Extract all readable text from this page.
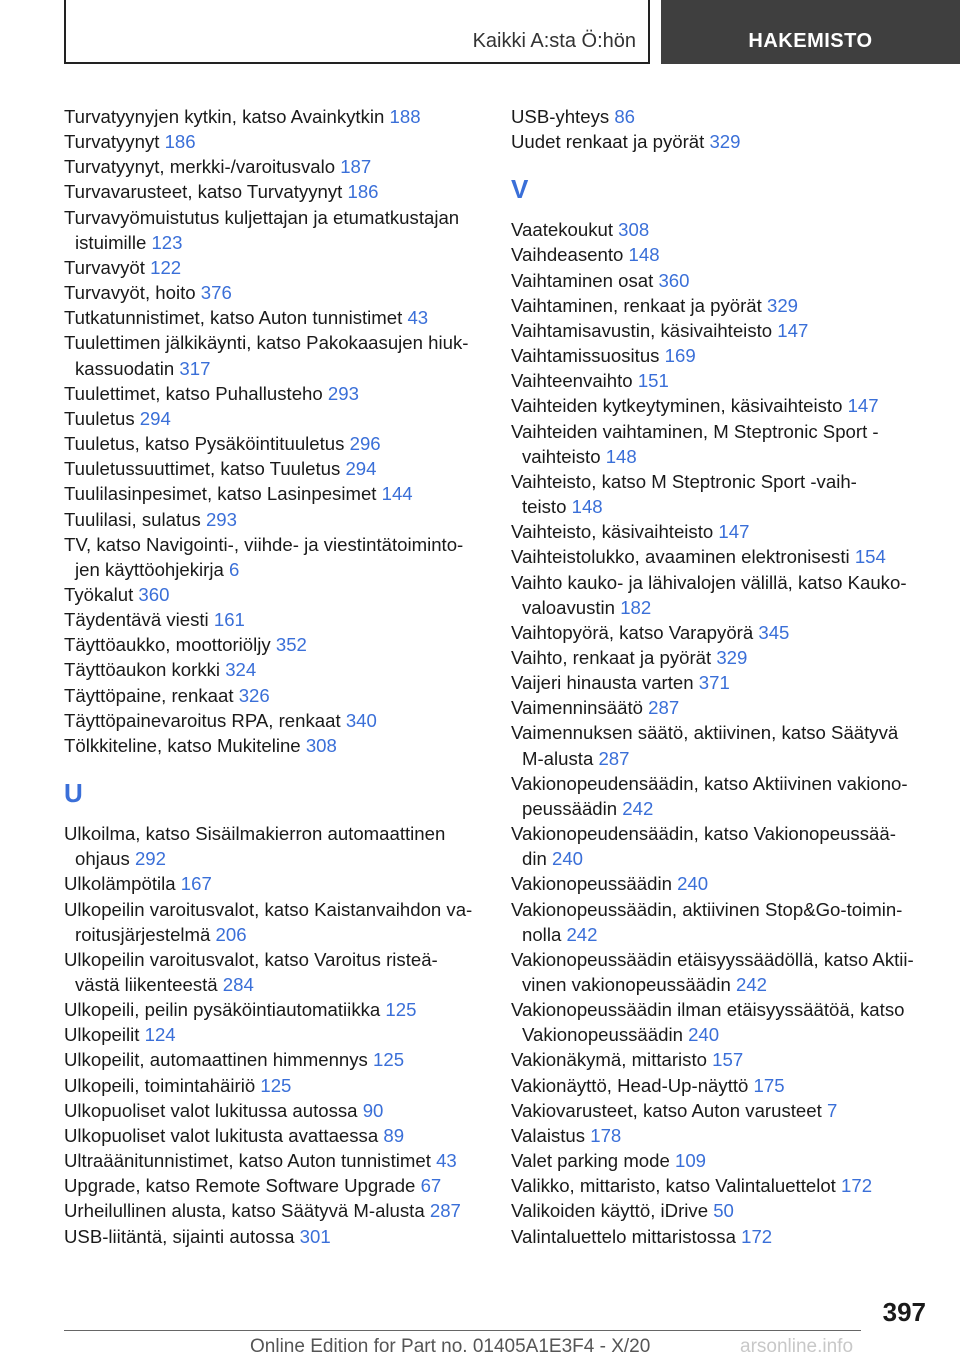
Kaikki A:sta Ö:hön	HAKEMISTO
Turvatyynyjen kytkin, katso Avainkytkin 188
Turvatyynyt 186
Turvatyynyt, merkki-/varoitusvalo 187
Turvavarusteet, katso Turvatyynyt 186
Turvavyömuistutus kuljettajan ja etumatkustajan
istuimille 123
Turvavyöt 122
Turvavyöt, hoito 376
Tutkatunnistimet, katso Auton tunnistimet 43
Tuulettimen jälkikäynti, katso Pakokaasujen hiuk-
kassuodatin 317
Tuulettimet, katso Puhallusteho 293
Tuuletus 294
Tuuletus, katso Pysäköintituuletus 296
Tuuletussuuttimet, katso Tuuletus 294
Tuulilasinpesimet, katso Lasinpesimet 144
Tuulilasi, sulatus 293
TV, katso Navigointi-, viihde- ja viestintätoiminto-
jen käyttöohjekirja 6
Työkalut 360
Täydentävä viesti 161
Täyttöaukko, moottoriöljy 352
Täyttöaukon korkki 324
Täyttöpaine, renkaat 326
Täyttöpainevaroitus RPA, renkaat 340
Tölkkiteline, katso Mukiteline 308
U
Ulkoilma, katso Sisäilmakierron automaattinen
ohjaus 292
Ulkolämpötila 167
Ulkopeilin varoitusvalot, katso Kaistanvaihdon va-
roitusjärjestelmä 206
Ulkopeilin varoitusvalot, katso Varoitus risteä-
västä liikenteestä 284
Ulkopeili, peilin pysäköintiautomatiikka 125
Ulkopeilit 124
Ulkopeilit, automaattinen himmennys 125
Ulkopeili, toimintahäiriö 125
Ulkopuoliset valot lukitussa autossa 90
Ulkopuoliset valot lukitusta avattaessa 89
Ultraäänitunnistimet, katso Auton tunnistimet 43
Upgrade, katso Remote Software Upgrade 67
Urheilullinen alusta, katso Säätyvä M-alusta 287
USB-liitäntä, sijainti autossa 301
USB-yhteys 86
Uudet renkaat ja pyörät 329
V
Vaatekoukut 308
Vaihdeasento 148
Vaihtaminen osat 360
Vaihtaminen, renkaat ja pyörät 329
Vaihtamisavustin, käsivaihteisto 147
Vaihtamissuositus 169
Vaihteenvaihto 151
Vaihteiden kytkeytyminen, käsivaihteisto 147
Vaihteiden vaihtaminen, M Steptronic Sport -
vaihteisto 148
Vaihteisto, katso M Steptronic Sport -vaih-
teisto 148
Vaihteisto, käsivaihteisto 147
Vaihteistolukko, avaaminen elektronisesti 154
Vaihto kauko- ja lähivalojen välillä, katso Kauko-
valoavustin 182
Vaihtopyörä, katso Varapyörä 345
Vaihto, renkaat ja pyörät 329
Vaijeri hinausta varten 371
Vaimenninsäätö 287
Vaimennuksen säätö, aktiivinen, katso Säätyvä
M-alusta 287
Vakionopeudensäädin, katso Aktiivinen vakiono-
peussäädin 242
Vakionopeudensäädin, katso Vakionopeussää-
din 240
Vakionopeussäädin 240
Vakionopeussäädin, aktiivinen Stop&Go-toimin-
nolla 242
Vakionopeussäädin etäisyyssäädöllä, katso Aktii-
vinen vakionopeussäädin 242
Vakionopeussäädin ilman etäisyyssäätöä, katso
Vakionopeussäädin 240
Vakionäkymä, mittaristo 157
Vakionäyttö, Head-Up-näyttö 175
Vakiovarusteet, katso Auton varusteet 7
Valaistus 178
Valet parking mode 109
Valikko, mittaristo, katso Valintaluettelot 172
Valikoiden käyttö, iDrive 50
Valintaluettelo mittaristossa 172
397
Online Edition for Part no. 01405A1E3F4 - X/20	arsonline.info
